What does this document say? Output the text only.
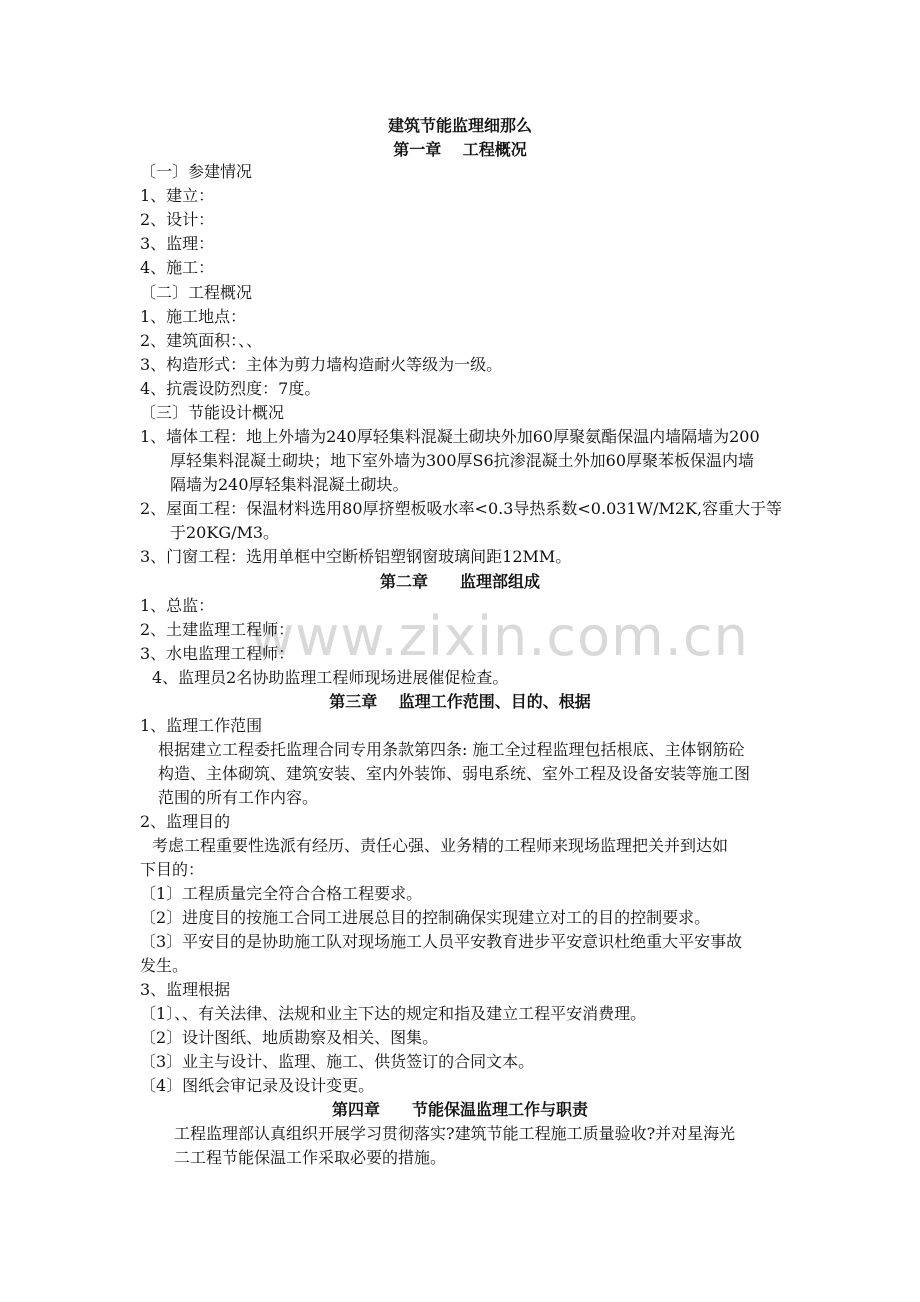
www.zixin.com.cn
建筑节能监理细那么
第一章　 工程概况
〔一〕参建情况
1、建立：
2、设计：
3、监理：
4、施工：
〔二〕工程概况
1、施工地点：
2、建筑面积：、、
3、构造形式：主体为剪力墙构造耐火等级为一级。
4、抗震设防烈度：7度。
〔三〕节能设计概况
1、墙体工程：地上外墙为240厚轻集料混凝土砌块外加60厚聚氨酯保温内墙隔墙为200
厚轻集料混凝土砌块；地下室外墙为300厚S6抗渗混凝土外加60厚聚苯板保温内墙
隔墙为240厚轻集料混凝土砌块。
2、屋面工程：保温材料选用80厚挤塑板吸水率<0.3导热系数<0.031W/M2K,容重大于等
于20KG/M3。
3、门窗工程：选用单框中空断桥铝塑钢窗玻璃间距12MM。
第二章　　监理部组成
1、总监：
2、土建监理工程师：
3、水电监理工程师：
4、监理员2名协助监理工程师现场进展催促检查。
第三章　 监理工作范围、目的、根据
1、监理工作范围
根据建立工程委托监理合同专用条款第四条: 施工全过程监理包括根底、主体钢筋砼
构造、主体砌筑、建筑安装、室内外装饰、弱电系统、室外工程及设备安装等施工图
范围的所有工作内容。
2、监理目的
考虑工程重要性选派有经历、责任心强、业务精的工程师来现场监理把关并到达如
下目的：
〔1〕工程质量完全符合合格工程要求。
〔2〕进度目的按施工合同工进展总目的控制确保实现建立对工的目的控制要求。
〔3〕平安目的是协助施工队对现场施工人员平安教育进步平安意识杜绝重大平安事故
发生。
3、监理根据
〔1〕、、有关法律、法规和业主下达的规定和指及建立工程平安消费理。
〔2〕设计图纸、地质勘察及相关、图集。
〔3〕业主与设计、监理、施工、供货签订的合同文本。
〔4〕图纸会审记录及设计变更。
第四章　　节能保温监理工作与职责
工程监理部认真组织开展学习贯彻落实?建筑节能工程施工质量验收?并对星海光
二工程节能保温工作采取必要的措施。
